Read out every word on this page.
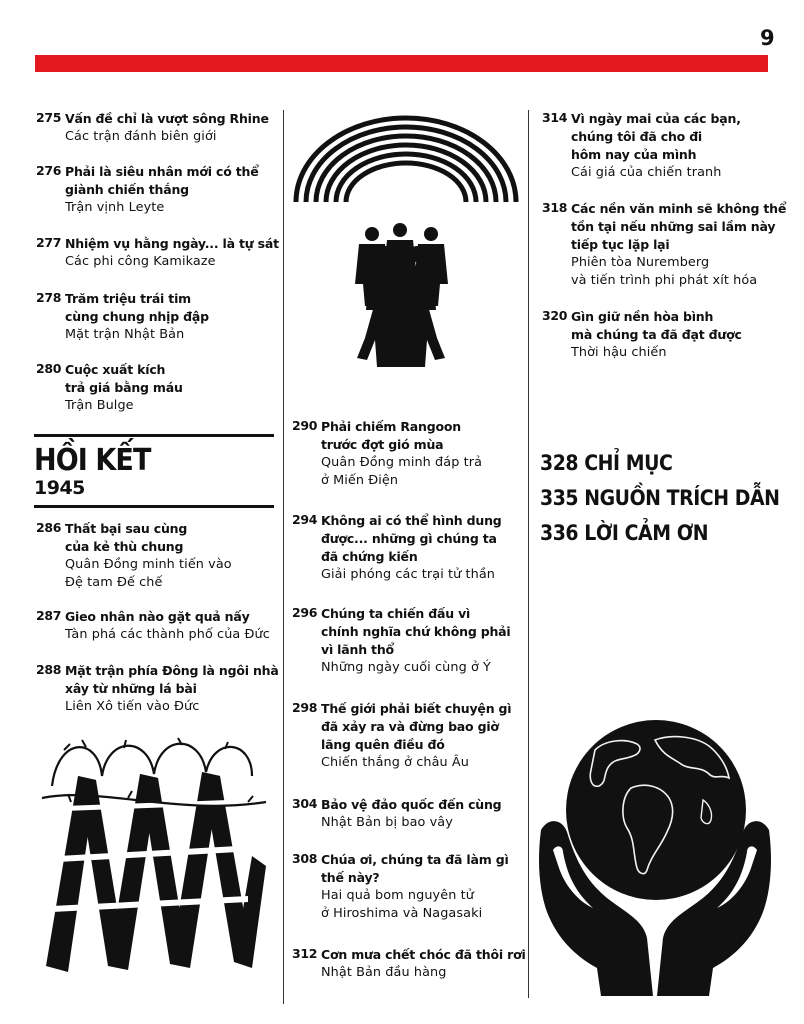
9
275 Vấn đề chỉ là vượt sông Rhine
Các trận đánh biên giới
276 Phải là siêu nhân mới có thể
giành chiến thắng
Trận vịnh Leyte
277 Nhiệm vụ hằng ngày... là tự sát
Các phi công Kamikaze
278 Trăm triệu trái tim
cùng chung nhịp đập
Mặt trận Nhật Bản
280 Cuộc xuất kích
trả giá bằng máu
Trận Bulge
286 Thất bại sau cùng
của kẻ thù chung
Quân Đồng minh tiến vào
Đệ tam Đế chế
287 Gieo nhân nào gặt quả nấy
Tàn phá các thành phố của Đức
288 Mặt trận phía Đông là ngôi nhà
xây từ những lá bài
Liên Xô tiến vào Đức
HỒI KẾT
1945
290 Phải chiếm Rangoon
trước đợt gió mùa
Quân Đồng minh đáp trả
ở Miến Điện
294 Không ai có thể hình dung
được... những gì chúng ta
đã chứng kiến
Giải phóng các trại tử thần
296 Chúng ta chiến đấu vì
chính nghĩa chứ không phải
vì lãnh thổ
Những ngày cuối cùng ở Ý
298 Thế giới phải biết chuyện gì
đã xảy ra và đừng bao giờ
lãng quên điều đó
Chiến thắng ở châu Âu
304 Bảo vệ đảo quốc đến cùng
Nhật Bản bị bao vây
308 Chúa ơi, chúng ta đã làm gì
thế này?
Hai quả bom nguyên tử
ở Hiroshima và Nagasaki
312 Cơn mưa chết chóc đã thôi rơi
Nhật Bản đầu hàng
314 Vì ngày mai của các bạn,
chúng tôi đã cho đi
hôm nay của mình
Cái giá của chiến tranh
318 Các nền văn minh sẽ không thể
tồn tại nếu những sai lầm này
tiếp tục lặp lại
Phiên tòa Nuremberg
và tiến trình phi phát xít hóa
320 Gìn giữ nền hòa bình
mà chúng ta đã đạt được
Thời hậu chiến
328 CHỈ MỤC
335 NGUỒN TRÍCH DẪN
336 LỜI CẢM ƠN
